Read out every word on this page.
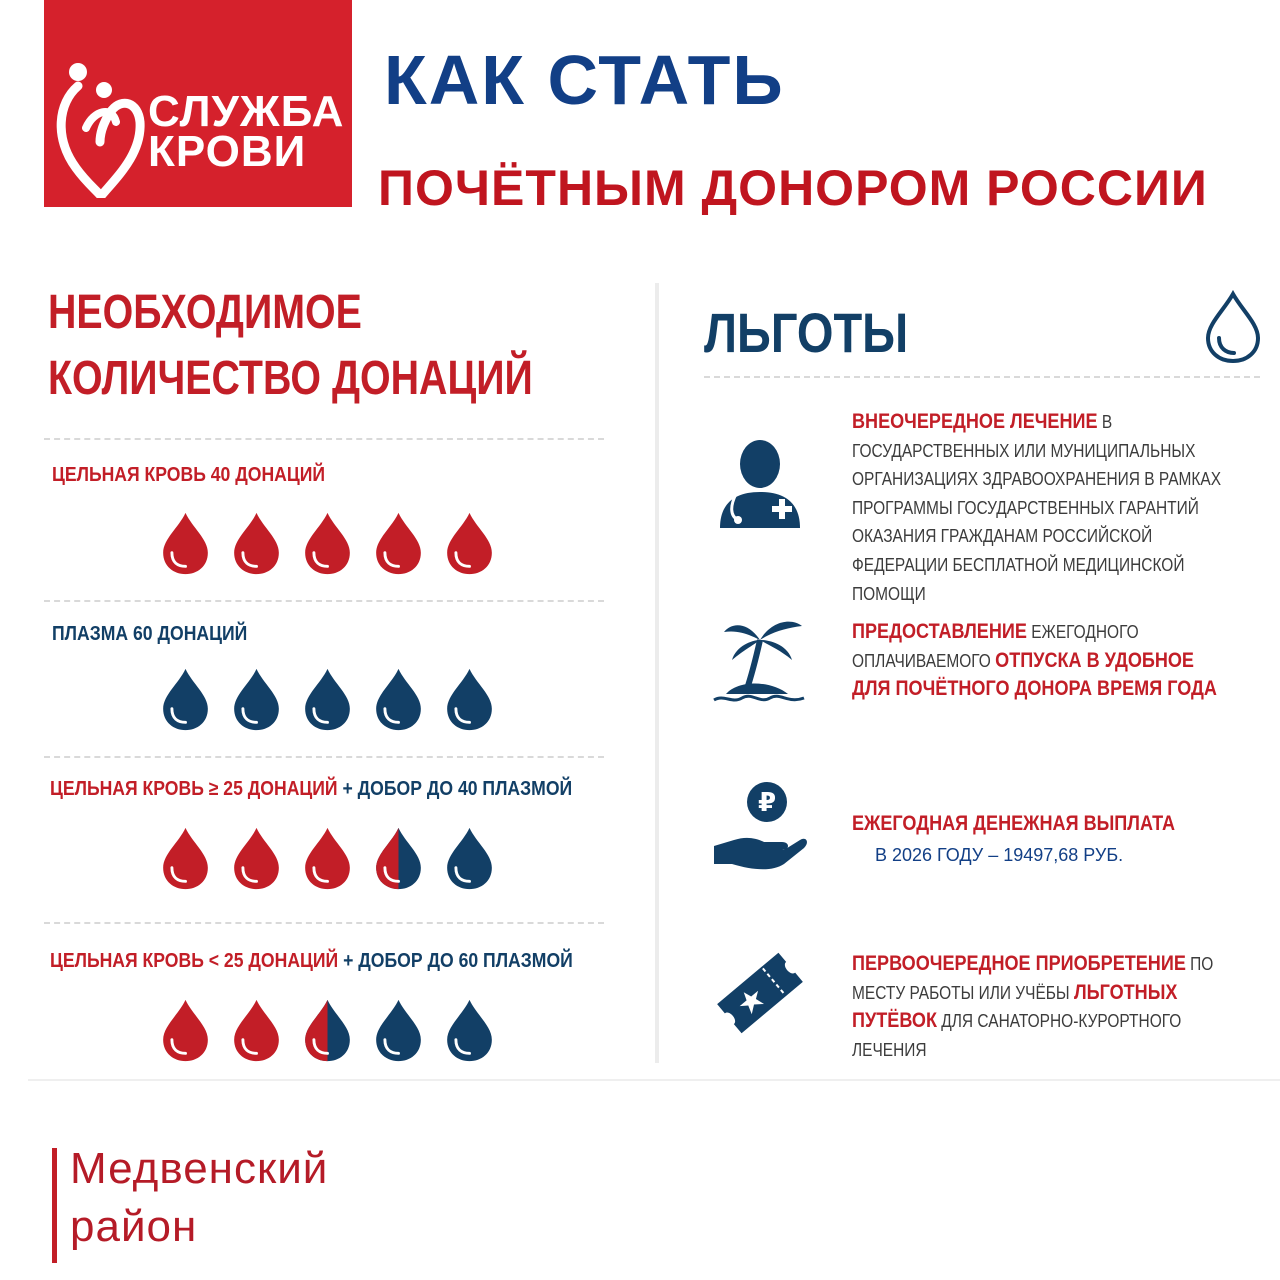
СЛУЖБА КРОВИ
КАК СТАТЬ
ПОЧЁТНЫМ ДОНОРОМ РОССИИ
НЕОБХОДИМОЕ КОЛИЧЕСТВО ДОНАЦИЙ
ЦЕЛЬНАЯ КРОВЬ 40 ДОНАЦИЙ
ПЛАЗМА 60 ДОНАЦИЙ
ЦЕЛЬНАЯ КРОВЬ ≥ 25 ДОНАЦИЙ + ДОБОР ДО 40 ПЛАЗМОЙ
ЦЕЛЬНАЯ КРОВЬ < 25 ДОНАЦИЙ + ДОБОР ДО 60 ПЛАЗМОЙ
ЛЬГОТЫ
ВНЕОЧЕРЕДНОЕ ЛЕЧЕНИЕ В ГОСУДАРСТВЕННЫХ ИЛИ МУНИЦИПАЛЬНЫХ ОРГАНИЗАЦИЯХ ЗДРАВООХРАНЕНИЯ В РАМКАХ ПРОГРАММЫ ГОСУДАРСТВЕННЫХ ГАРАНТИЙ ОКАЗАНИЯ ГРАЖДАНАМ РОССИЙСКОЙ ФЕДЕРАЦИИ БЕСПЛАТНОЙ МЕДИЦИНСКОЙ ПОМОЩИ
ПРЕДОСТАВЛЕНИЕ ЕЖЕГОДНОГО ОПЛАЧИВАЕМОГО ОТПУСКА В УДОБНОЕ ДЛЯ ПОЧЁТНОГО ДОНОРА ВРЕМЯ ГОДА
₽
ЕЖЕГОДНАЯ ДЕНЕЖНАЯ ВЫПЛАТА
В 2026 ГОДУ – 19497,68 РУБ.
ПЕРВООЧЕРЕДНОЕ ПРИОБРЕТЕНИЕ ПО МЕСТУ РАБОТЫ ИЛИ УЧЁБЫ ЛЬГОТНЫХ ПУТЁВОК ДЛЯ САНАТОРНО-КУРОРТНОГО ЛЕЧЕНИЯ
Медвенский район
